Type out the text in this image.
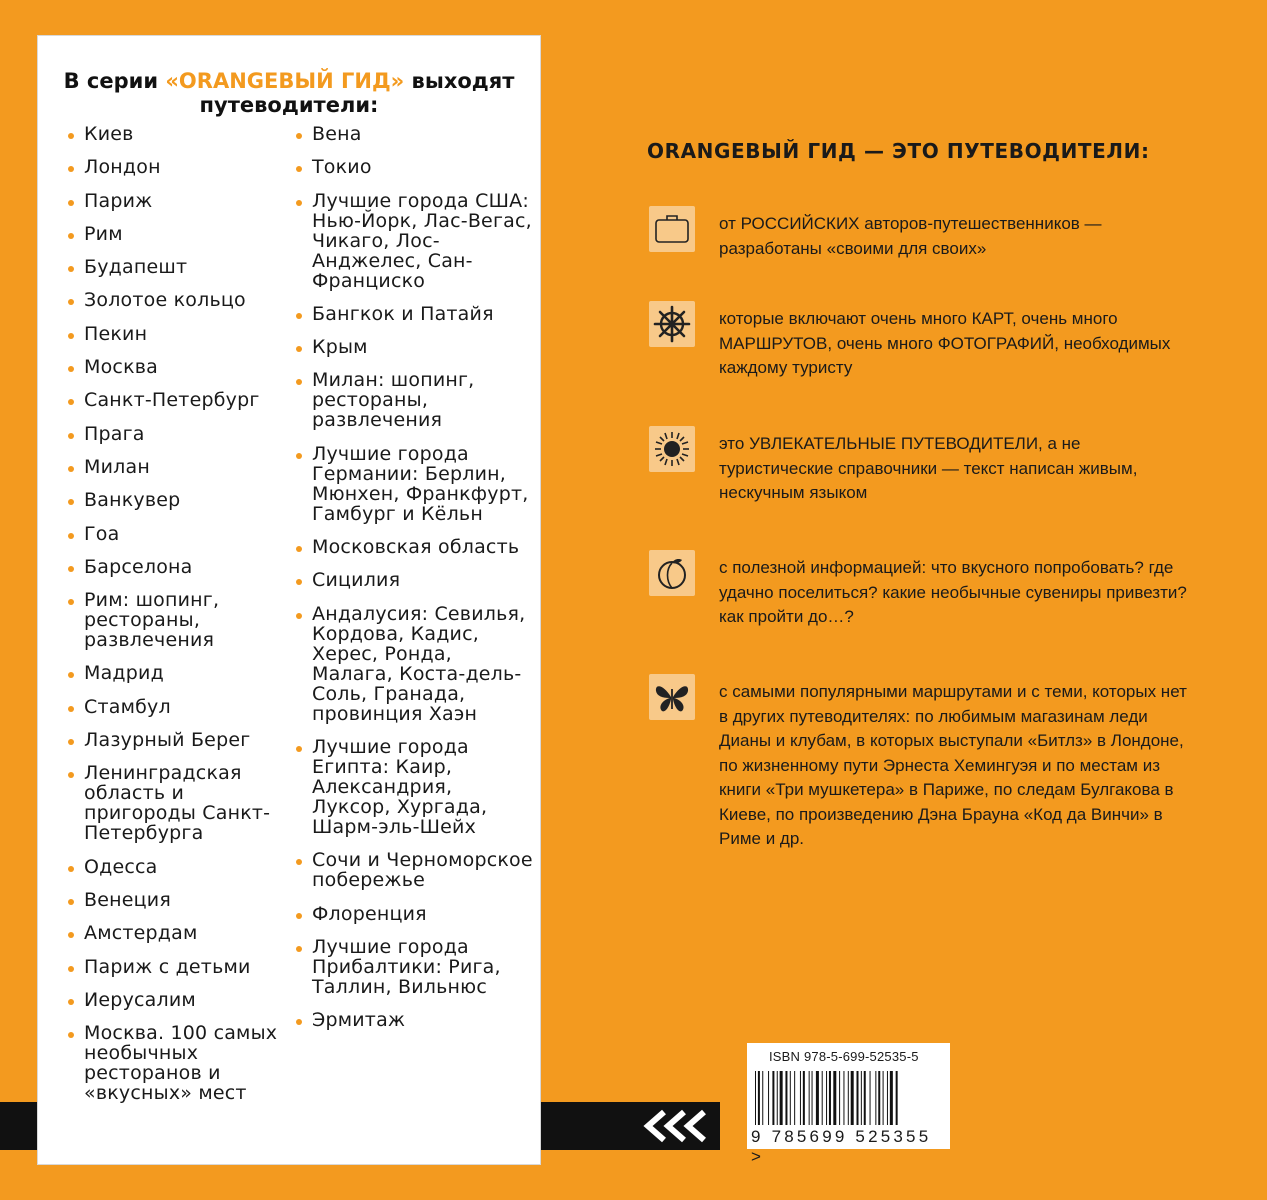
В серии «ORANGEВЫЙ ГИД» выходят
путеводители:
Киев
Лондон
Париж
Рим
Будапешт
Золотое кольцо
Пекин
Москва
Санкт-Петербург
Прага
Милан
Ванкувер
Гоа
Барселона
Рим: шопинг, рестораны, развлечения
Мадрид
Стамбул
Лазурный Берег
Ленинградская область и пригороды Санкт-Петербурга
Одесса
Венеция
Амстердам
Париж с детьми
Иерусалим
Москва. 100 самых необычных ресторанов и «вкусных» мест
Вена
Токио
Лучшие города США: Нью-Йорк, Лас-Вегас, Чикаго, Лос-Анджелес, Сан-Франциско
Бангкок и Патайя
Крым
Милан: шопинг, рестораны, развлечения
Лучшие города Германии: Берлин, Мюнхен, Франкфурт, Гамбург и Кёльн
Московская область
Сицилия
Андалусия: Севилья, Кордова, Кадис, Херес, Ронда, Малага, Коста-дель-Соль, Гранада, провинция Хаэн
Лучшие города Египта: Каир, Александрия, Луксор, Хургада, Шарм-эль-Шейх
Сочи и Черноморское побережье
Флоренция
Лучшие города Прибалтики: Рига, Таллин, Вильнюс
Эрмитаж
ORANGEВЫЙ ГИД — ЭТО ПУТЕВОДИТЕЛИ:
от РОССИЙСКИХ авторов-путешественников — разработаны «своими для своих»
которые включают очень много КАРТ, очень много МАРШРУТОВ, очень много ФОТОГРАФИЙ, необходимых каждому туристу
это УВЛЕКАТЕЛЬНЫЕ ПУТЕВОДИТЕЛИ, а не туристические справочники — текст написан живым, нескучным языком
с полезной информацией: что вкусного попробовать? где удачно поселиться? какие необычные сувениры привезти? как пройти до…?
с самыми популярными маршрутами и с теми, которых нет в других путеводителях: по любимым магазинам леди Дианы и клубам, в которых выступали «Битлз» в Лондоне, по жизненному пути Эрнеста Хемингуэя и по местам из книги «Три мушкетера» в Париже, по следам Булгакова в Киеве, по произведению Дэна Брауна «Код да Винчи» в Риме и др.
ISBN 978-5-699-52535-5
9 785699 525355 >
